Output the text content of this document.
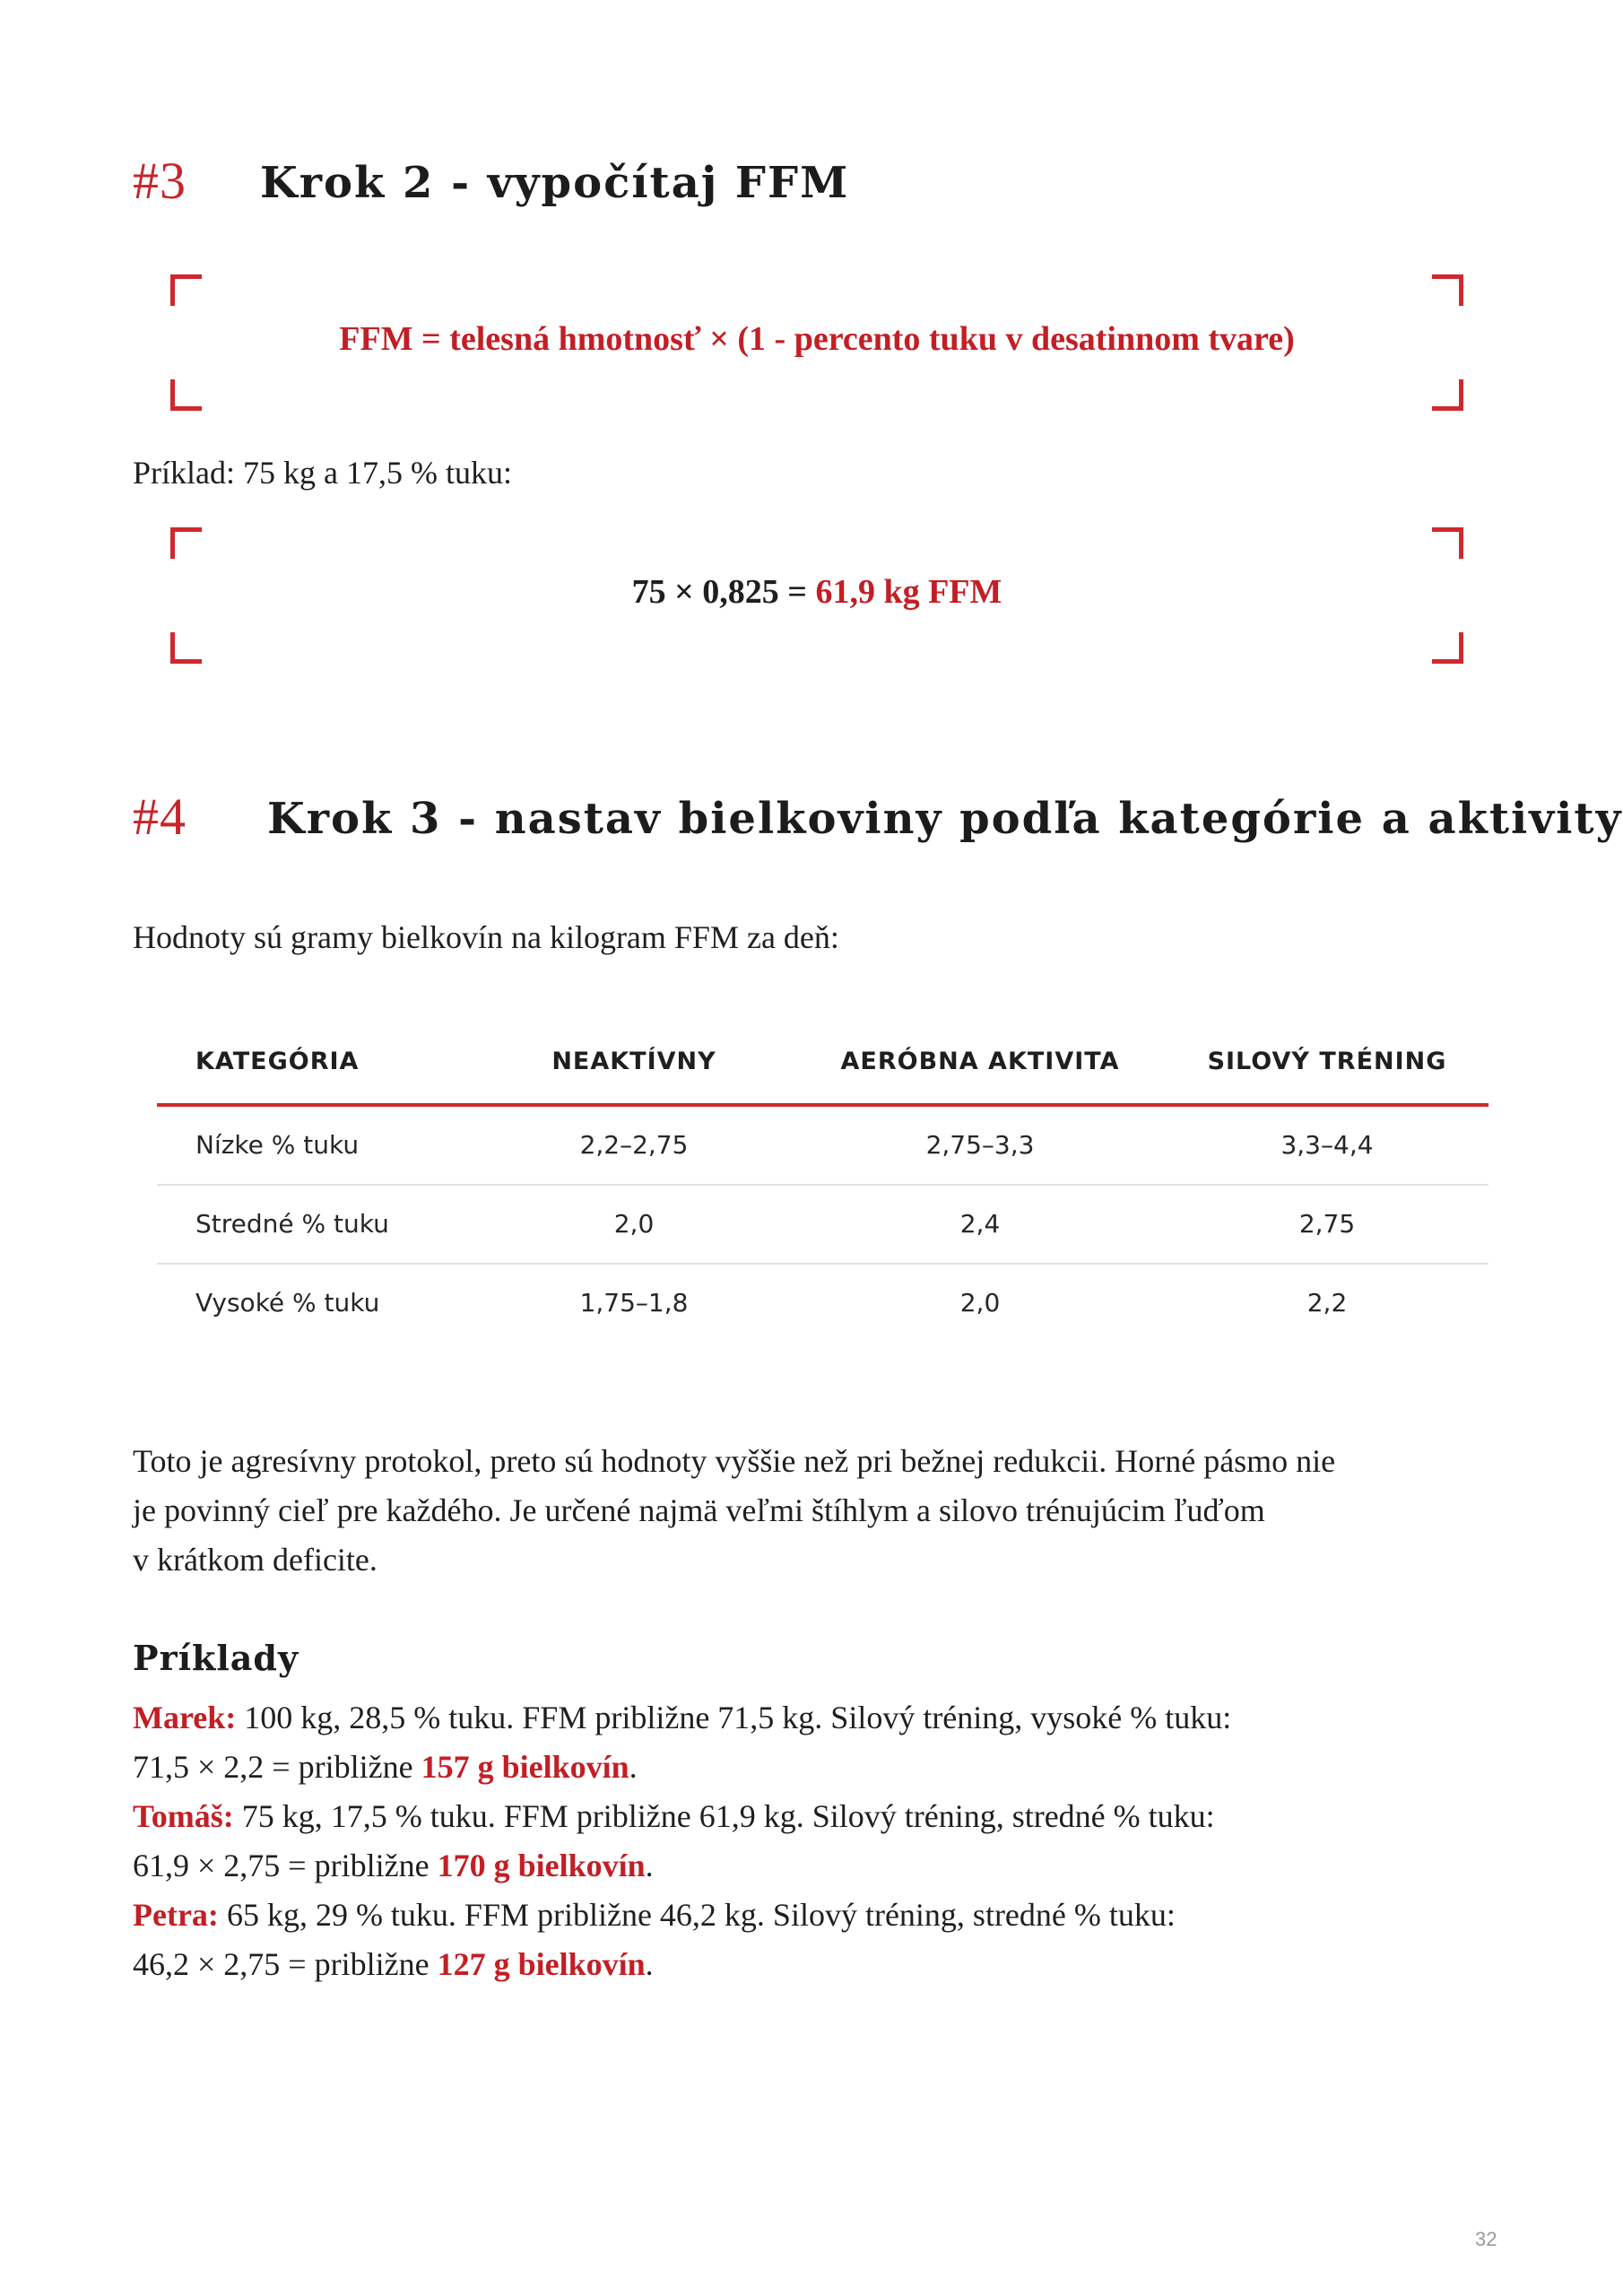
#3 Krok 2 - vypočítaj FFM
FFM = telesná hmotnosť × (1 - percento tuku v desatinnom tvare)
Príklad: 75 kg a 17,5 % tuku:
75 × 0,825 = 61,9 kg FFM
#4 Krok 3 - nastav bielkoviny podľa kategórie a aktivity
Hodnoty sú gramy bielkovín na kilogram FFM za deň:
KATEGÓRIA	NEAKTÍVNY	AERÓBNA AKTIVITA	SILOVÝ TRÉNING
Nízke % tuku	2,2–2,75	2,75–3,3	3,3–4,4
Stredné % tuku	2,0	2,4	2,75
Vysoké % tuku	1,75–1,8	2,0	2,2
Toto je agresívny protokol, preto sú hodnoty vyššie než pri bežnej redukcii. Horné pásmo nie
je povinný cieľ pre každého. Je určené najmä veľmi štíhlym a silovo trénujúcim ľuďom
v krátkom deficite.
Príklady
Marek: 100 kg, 28,5 % tuku. FFM približne 71,5 kg. Silový tréning, vysoké % tuku:
71,5 × 2,2 = približne 157 g bielkovín.
Tomáš: 75 kg, 17,5 % tuku. FFM približne 61,9 kg. Silový tréning, stredné % tuku:
61,9 × 2,75 = približne 170 g bielkovín.
Petra: 65 kg, 29 % tuku. FFM približne 46,2 kg. Silový tréning, stredné % tuku:
46,2 × 2,75 = približne 127 g bielkovín.
32
